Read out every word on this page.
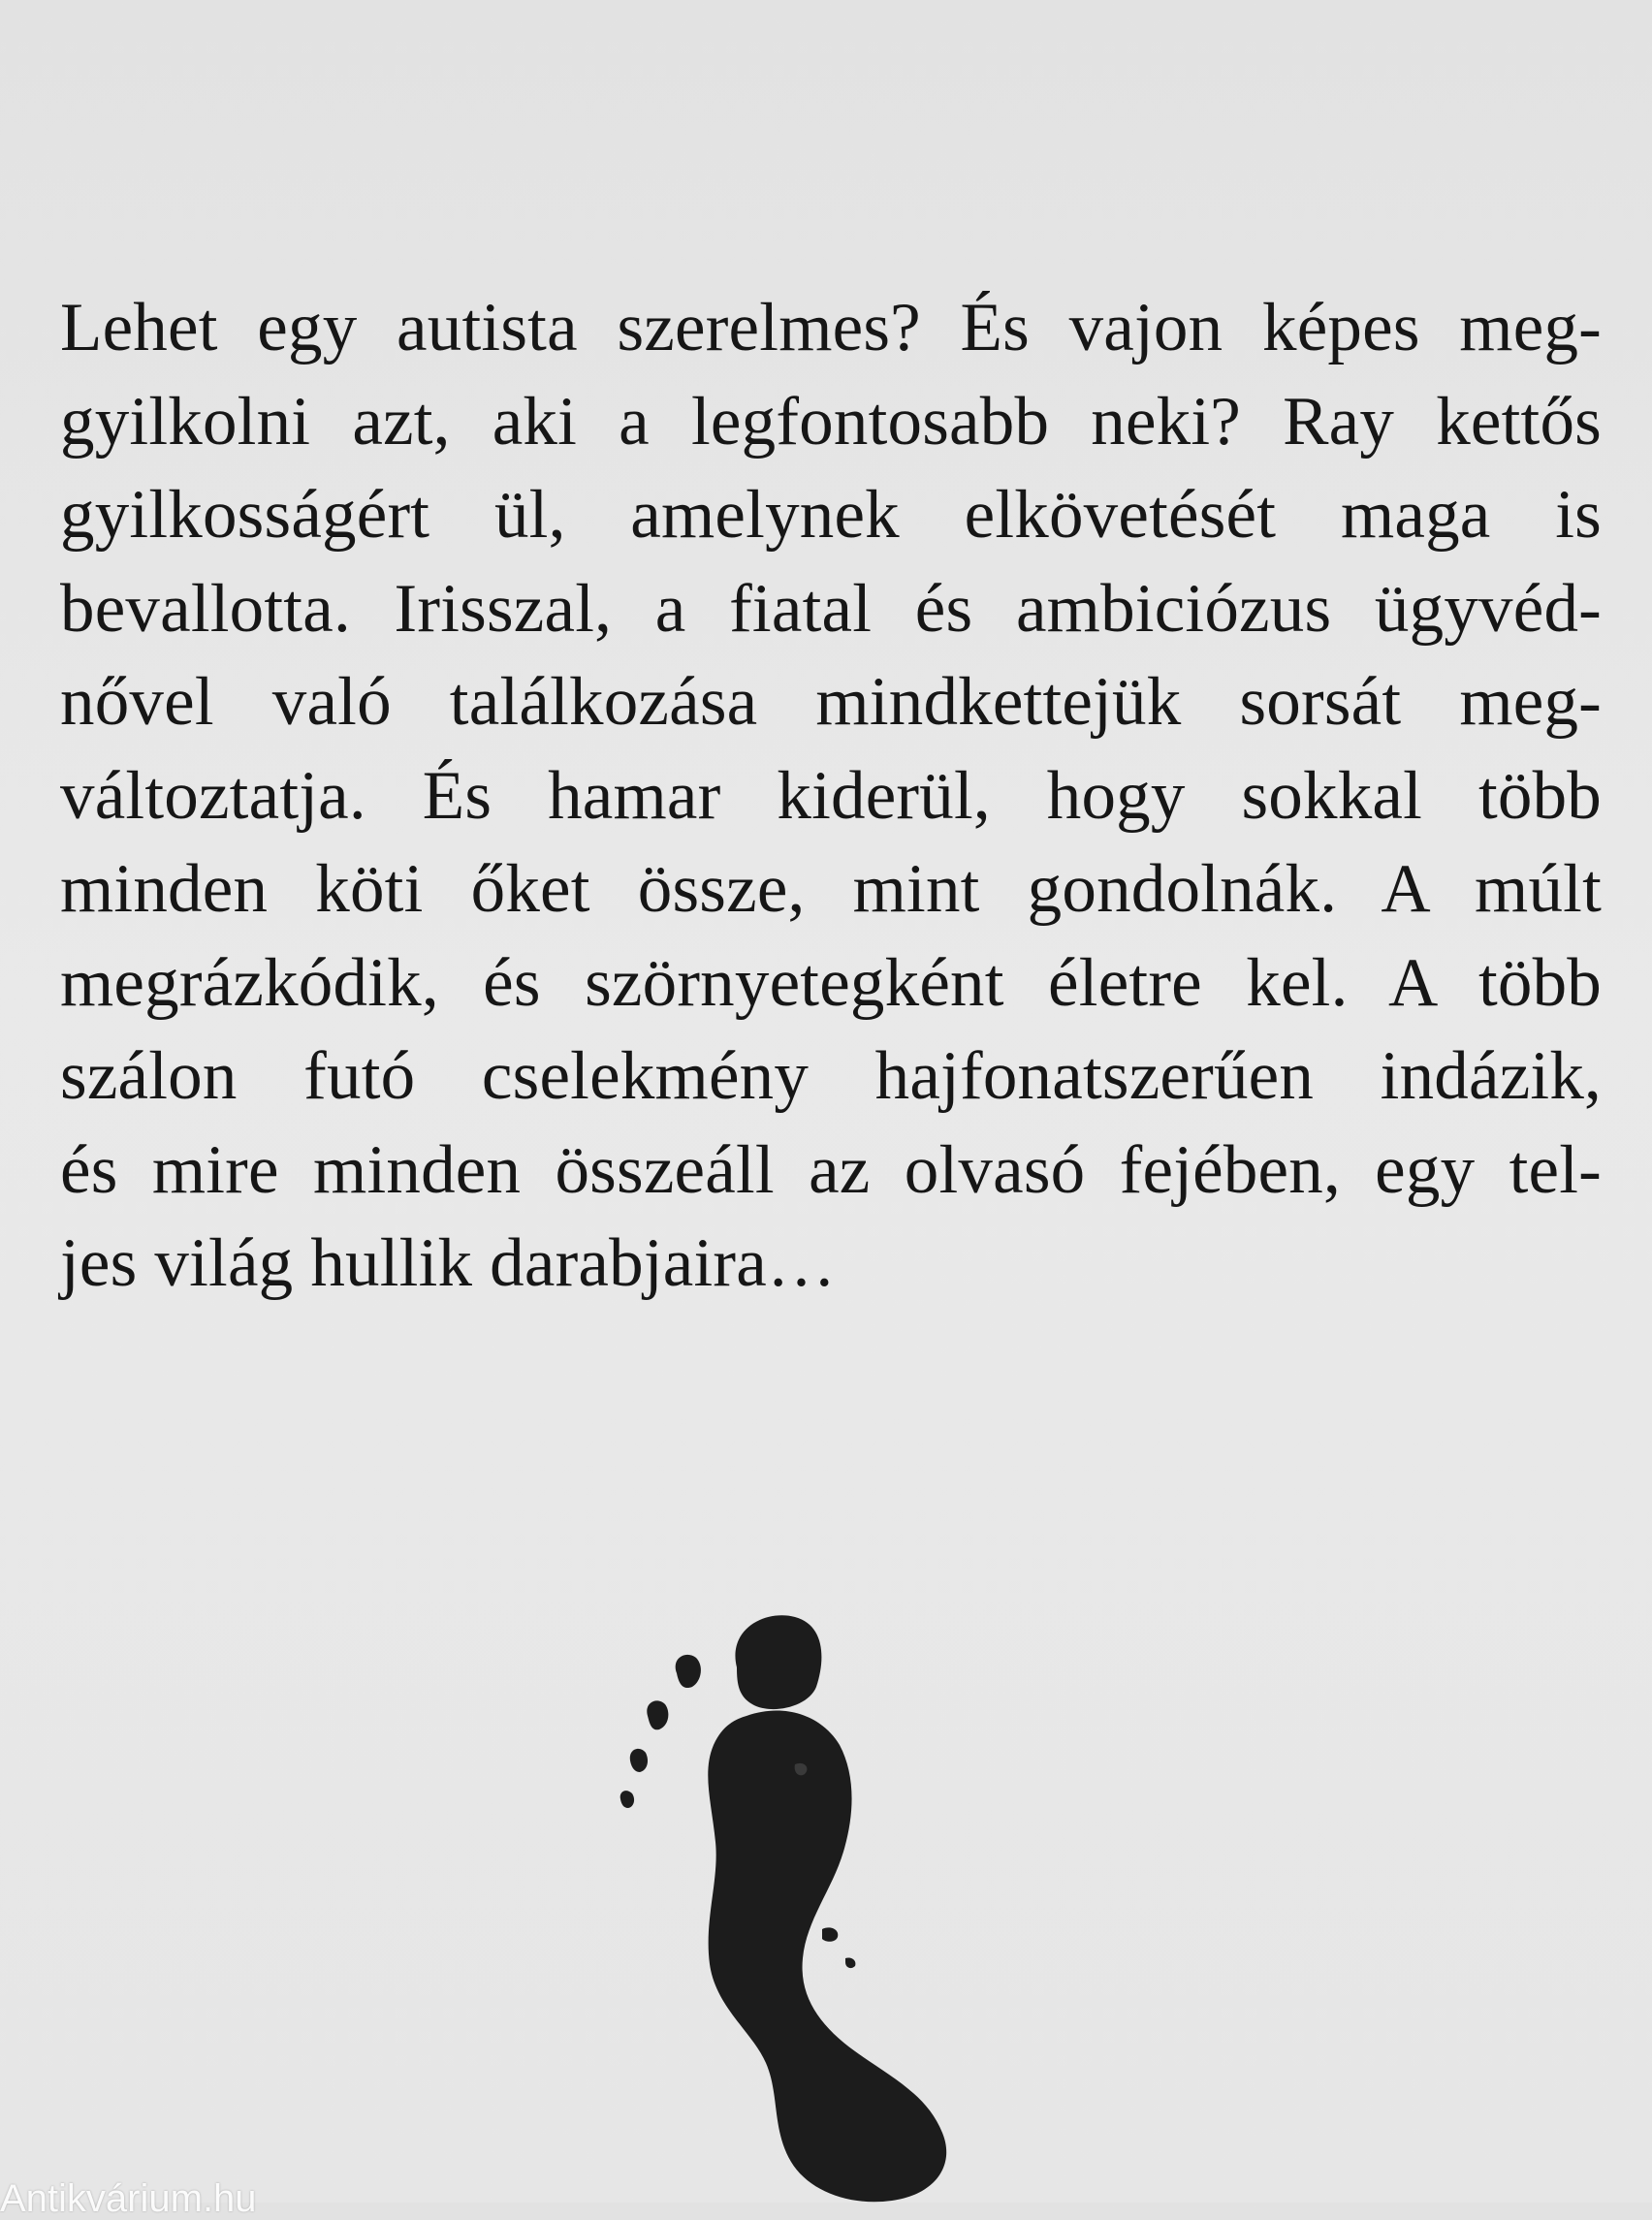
Lehet egy autista szerelmes? És vajon képes meg-
gyilkolni azt, aki a legfontosabb neki? Ray kettős
gyilkosságért ül, amelynek elkövetését maga is
bevallotta. Irisszal, a fiatal és ambiciózus ügyvéd-
nővel való találkozása mindkettejük sorsát meg-
változtatja. És hamar kiderül, hogy sokkal több
minden köti őket össze, mint gondolnák. A múlt
megrázkódik, és szörnyetegként életre kel. A több
szálon futó cselekmény hajfonatszerűen indázik,
és mire minden összeáll az olvasó fejében, egy tel-
jes világ hullik darabjaira…
Antikvárium.hu
